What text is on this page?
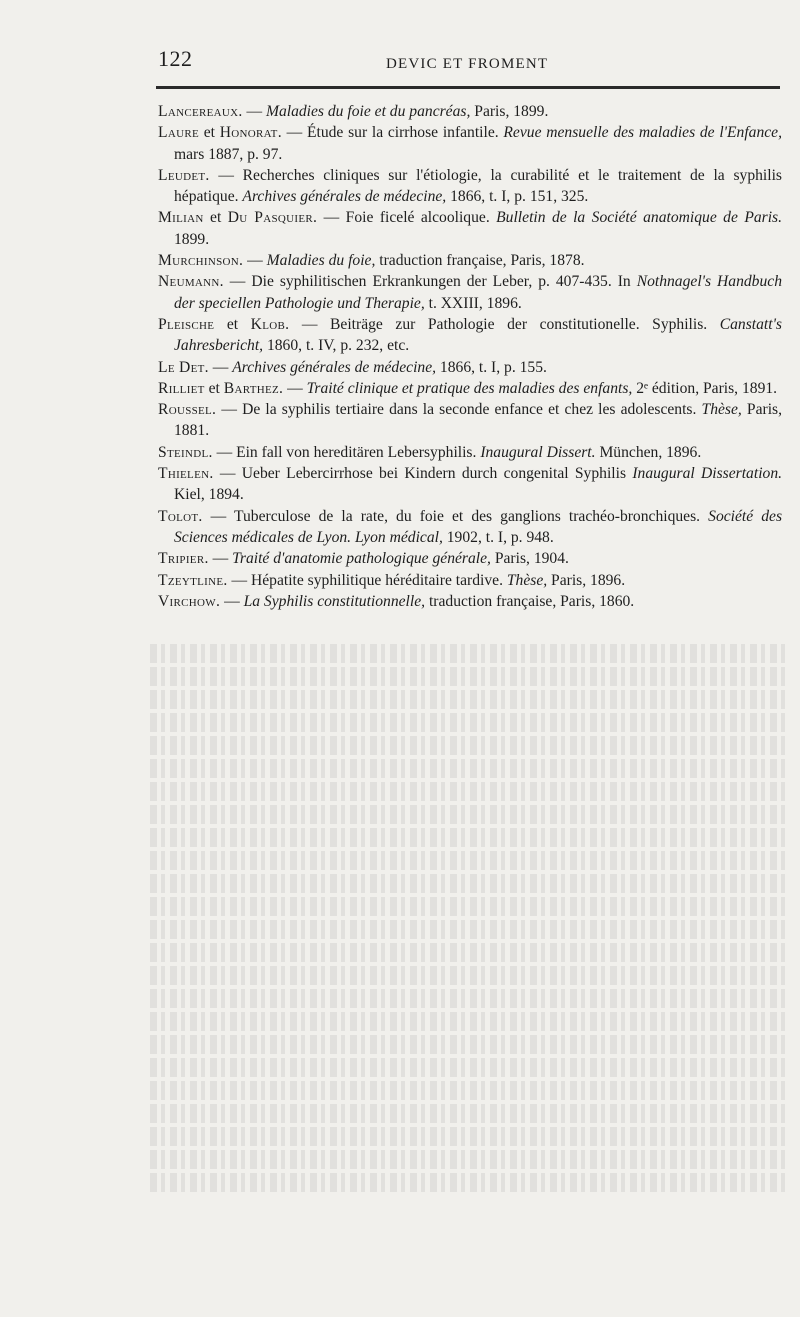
122	DEVIC ET FROMENT
Lancereaux. — Maladies du foie et du pancréas, Paris, 1899.
Laure et Honorat. — Étude sur la cirrhose infantile. Revue mensuelle des maladies de l'Enfance, mars 1887, p. 97.
Leudet. — Recherches cliniques sur l'étiologie, la curabilité et le traitement de la syphilis hépatique. Archives générales de médecine, 1866, t. I, p. 151, 325.
Milian et Du Pasquier. — Foie ficelé alcoolique. Bulletin de la Société anatomique de Paris. 1899.
Murchinson. — Maladies du foie, traduction française, Paris, 1878.
Neumann. — Die syphilitischen Erkrankungen der Leber, p. 407-435. In Nothnagel's Handbuch der speciellen Pathologie und Therapie, t. XXIII, 1896.
Pleische et Klob. — Beiträge zur Pathologie der constitutionelle. Syphilis. Canstatt's Jahresbericht, 1860, t. IV, p. 232, etc.
Le Det. — Archives générales de médecine, 1866, t. I, p. 155.
Rilliet et Barthez. — Traité clinique et pratique des maladies des enfants, 2ᵉ édition, Paris, 1891.
Roussel. — De la syphilis tertiaire dans la seconde enfance et chez les adolescents. Thèse, Paris, 1881.
Steindl. — Ein fall von hereditären Lebersyphilis. Inaugural Dissert. München, 1896.
Thielen. — Ueber Lebercirrhose bei Kindern durch congenital Syphilis Inaugural Dissertation. Kiel, 1894.
Tolot. — Tuberculose de la rate, du foie et des ganglions trachéo-bronchiques. Société des Sciences médicales de Lyon. Lyon médical, 1902, t. I, p. 948.
Tripier. — Traité d'anatomie pathologique générale, Paris, 1904.
Tzeytline. — Hépatite syphilitique héréditaire tardive. Thèse, Paris, 1896.
Virchow. — La Syphilis constitutionnelle, traduction française, Paris, 1860.
